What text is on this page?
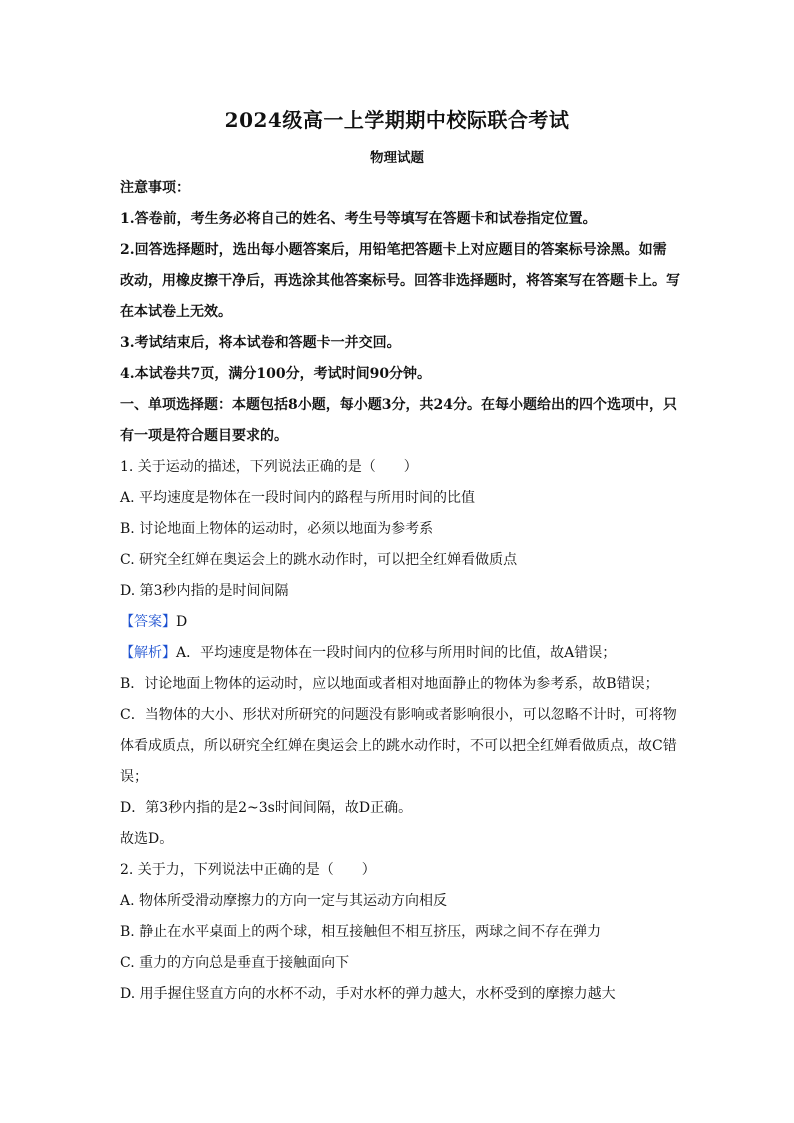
2024级高一上学期期中校际联合考试
物理试题

注意事项：

1.答卷前，考生务必将自己的姓名、考生号等填写在答题卡和试卷指定位置。

2.回答选择题时，选出每小题答案后，用铅笔把答题卡上对应题目的答案标号涂黑。如需改动，用橡皮擦干净后，再选涂其他答案标号。回答非选择题时，将答案写在答题卡上。写在本试卷上无效。

3.考试结束后，将本试卷和答题卡一并交回。

4.本试卷共7页，满分100分，考试时间90分钟。

一、单项选择题：本题包括8小题，每小题3分，共24分。在每小题给出的四个选项中，只有一项是符合题目要求的。

1. 关于运动的描述，下列说法正确的是（　　）

A. 平均速度是物体在一段时间内的路程与所用时间的比值

B. 讨论地面上物体的运动时，必须以地面为参考系

C. 研究全红婵在奥运会上的跳水动作时，可以把全红婵看做质点

D. 第3秒内指的是时间间隔

【答案】D

【解析】A．平均速度是物体在一段时间内的位移与所用时间的比值，故A错误；

B．讨论地面上物体的运动时，应以地面或者相对地面静止的物体为参考系，故B错误；

C．当物体的大小、形状对所研究的问题没有影响或者影响很小，可以忽略不计时，可将物体看成质点，所以研究全红婵在奥运会上的跳水动作时，不可以把全红婵看做质点，故C错误；

D．第3秒内指的是2~3s时间间隔，故D正确。

故选D。

2. 关于力，下列说法中正确的是（　　）

A. 物体所受滑动摩擦力的方向一定与其运动方向相反

B. 静止在水平桌面上的两个球，相互接触但不相互挤压，两球之间不存在弹力

C. 重力的方向总是垂直于接触面向下

D. 用手握住竖直方向的水杯不动，手对水杯的弹力越大，水杯受到的摩擦力越大
